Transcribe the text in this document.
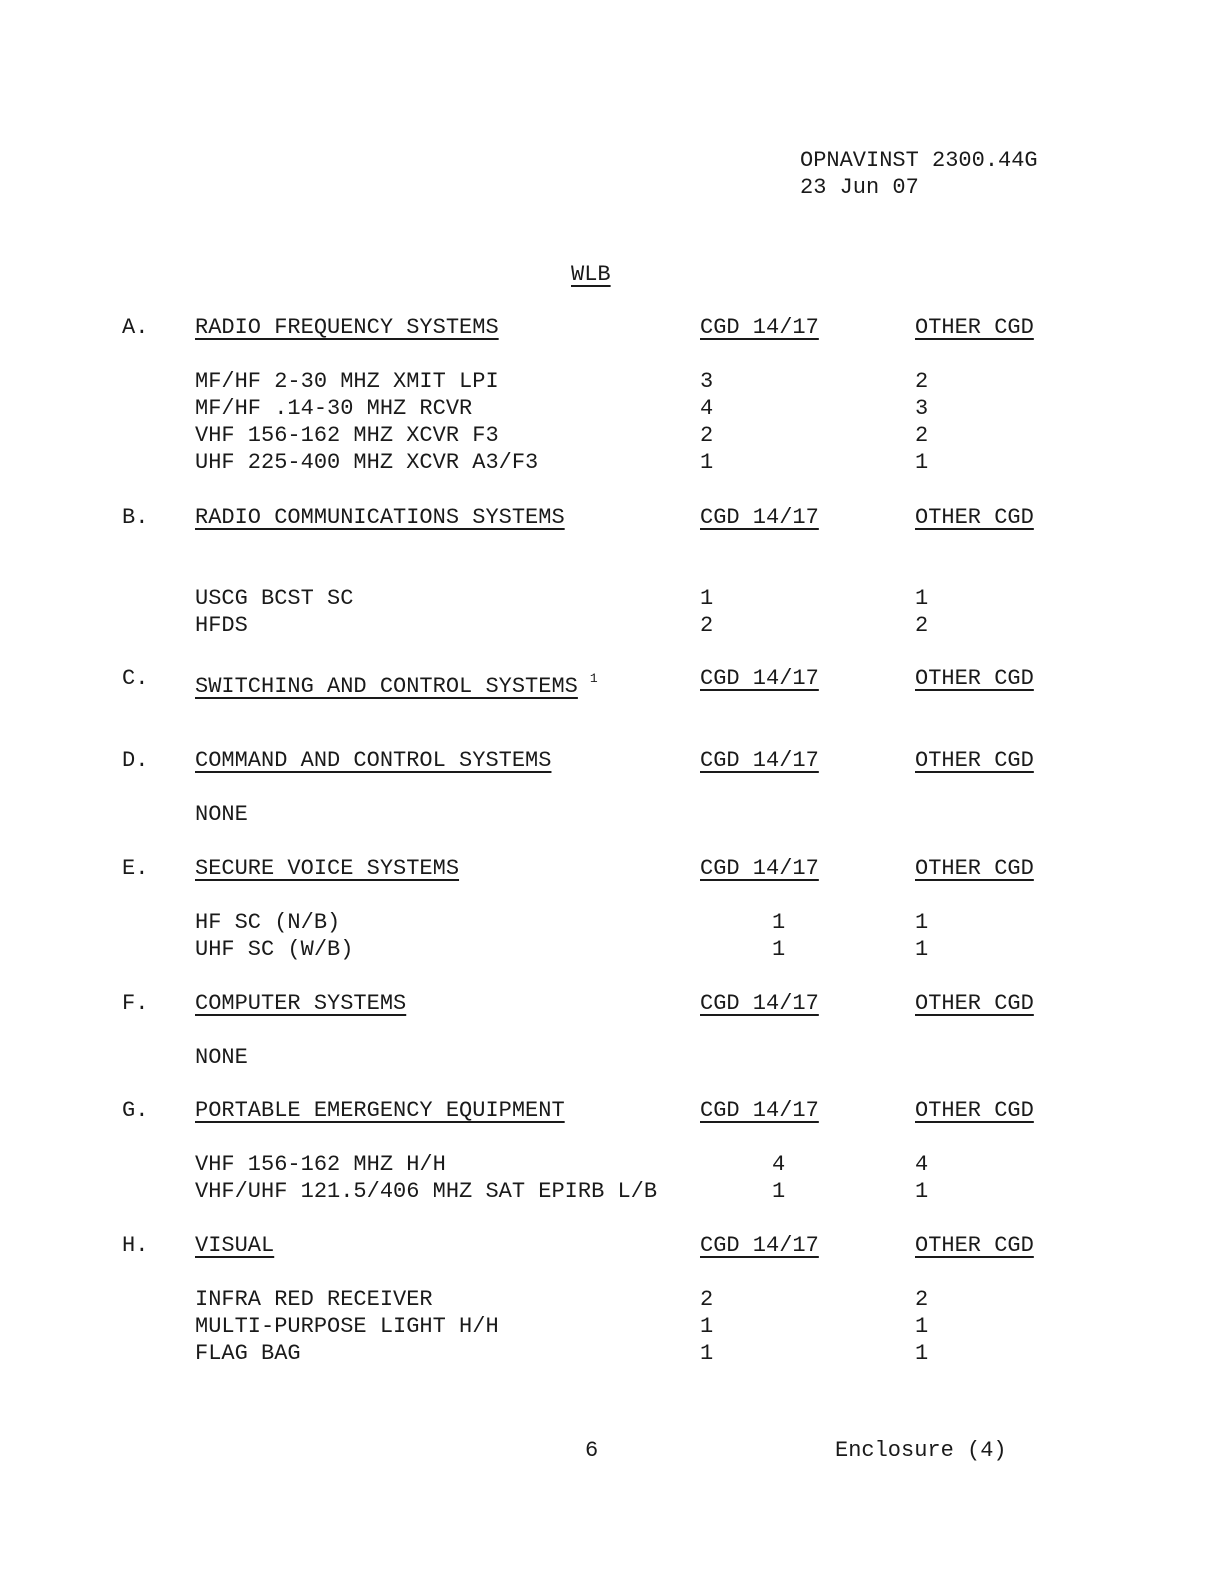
OPNAVINST 2300.44G
23 Jun 07
WLB
A. RADIO FREQUENCY SYSTEMS	CGD 14/17	OTHER CGD
MF/HF 2-30 MHZ XMIT LPI	3	2
MF/HF .14-30 MHZ RCVR	4	3
VHF 156-162 MHZ XCVR F3	2	2
UHF 225-400 MHZ XCVR A3/F3	1	1
B. RADIO COMMUNICATIONS SYSTEMS	CGD 14/17	OTHER CGD
USCG BCST SC	1	1
HFDS	2	2
C. SWITCHING AND CONTROL SYSTEMS $^1$	CGD 14/17	OTHER CGD
D. COMMAND AND CONTROL SYSTEMS	CGD 14/17	OTHER CGD
NONE
E. SECURE VOICE SYSTEMS	CGD 14/17	OTHER CGD
HF SC (N/B)	1	1
UHF SC (W/B)	1	1
F. COMPUTER SYSTEMS	CGD 14/17	OTHER CGD
NONE
G. PORTABLE EMERGENCY EQUIPMENT	CGD 14/17	OTHER CGD
VHF 156-162 MHZ H/H	4	4
VHF/UHF 121.5/406 MHZ SAT EPIRB L/B	1	1
H. VISUAL	CGD 14/17	OTHER CGD
INFRA RED RECEIVER	2	2
MULTI-PURPOSE LIGHT H/H	1	1
FLAG BAG	1	1
6	Enclosure (4)
